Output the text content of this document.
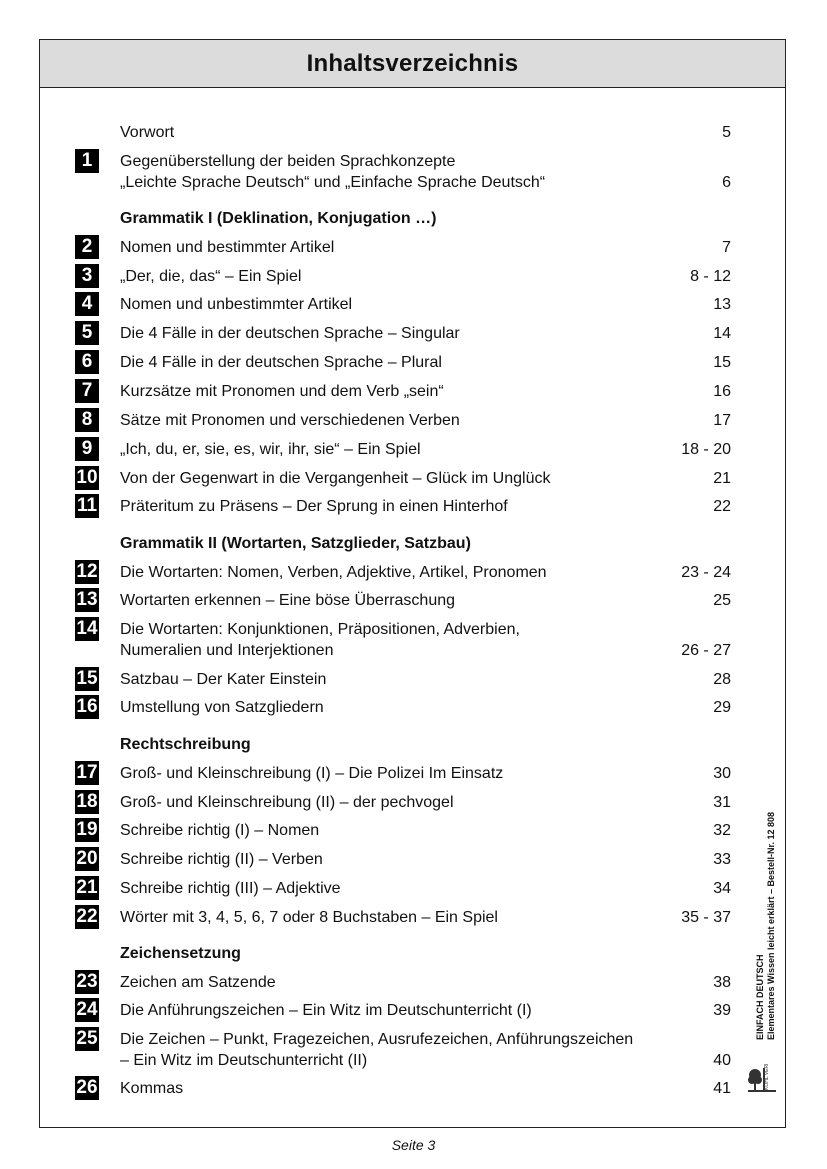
Inhaltsverzeichnis
Vorwort	5
1	Gegenüberstellung der beiden Sprachkonzepte
„Leichte Sprache Deutsch“ und „Einfache Sprache Deutsch“	6
Grammatik I (Deklination, Konjugation …)
2	Nomen und bestimmter Artikel	7
3	„Der, die, das“ – Ein Spiel	8 - 12
4	Nomen und unbestimmter Artikel	13
5	Die 4 Fälle in der deutschen Sprache – Singular	14
6	Die 4 Fälle in der deutschen Sprache – Plural	15
7	Kurzsätze mit Pronomen und dem Verb „sein“	16
8	Sätze mit Pronomen und verschiedenen Verben	17
9	„Ich, du, er, sie, es, wir, ihr, sie“ – Ein Spiel	18 - 20
10 Von der Gegenwart in die Vergangenheit – Glück im Unglück	21
11 Präteritum zu Präsens – Der Sprung in einen Hinterhof	22
Grammatik II (Wortarten, Satzglieder, Satzbau)
12 Die Wortarten: Nomen, Verben, Adjektive, Artikel, Pronomen	23 - 24
13 Wortarten erkennen – Eine böse Überraschung	25
14 Die Wortarten: Konjunktionen, Präpositionen, Adverbien,
Numeralien und Interjektionen	26 - 27
15 Satzbau – Der Kater Einstein	28
16 Umstellung von Satzgliedern	29
Rechtschreibung
17 Groß- und Kleinschreibung (I) – Die Polizei Im Einsatz	30
18 Groß- und Kleinschreibung (II) – der pechvogel	31
19 Schreibe richtig (I) – Nomen	32
20 Schreibe richtig (II) – Verben	33
21 Schreibe richtig (III) – Adjektive	34
22 Wörter mit 3, 4, 5, 6, 7 oder 8 Buchstaben – Ein Spiel	35 - 37
Zeichensetzung
23 Zeichen am Satzende	38
24 Die Anführungszeichen – Ein Witz im Deutschunterricht (I)	39
25 Die Zeichen – Punkt, Fragezeichen, Ausrufezeichen, Anführungszeichen
– Ein Witz im Deutschunterricht (II)	40
26 Kommas	41
EINFACH DEUTSCH Elementares Wissen leicht erklärt – Bestell-Nr. 12 808
KOHL VERLAG
Seite 3
